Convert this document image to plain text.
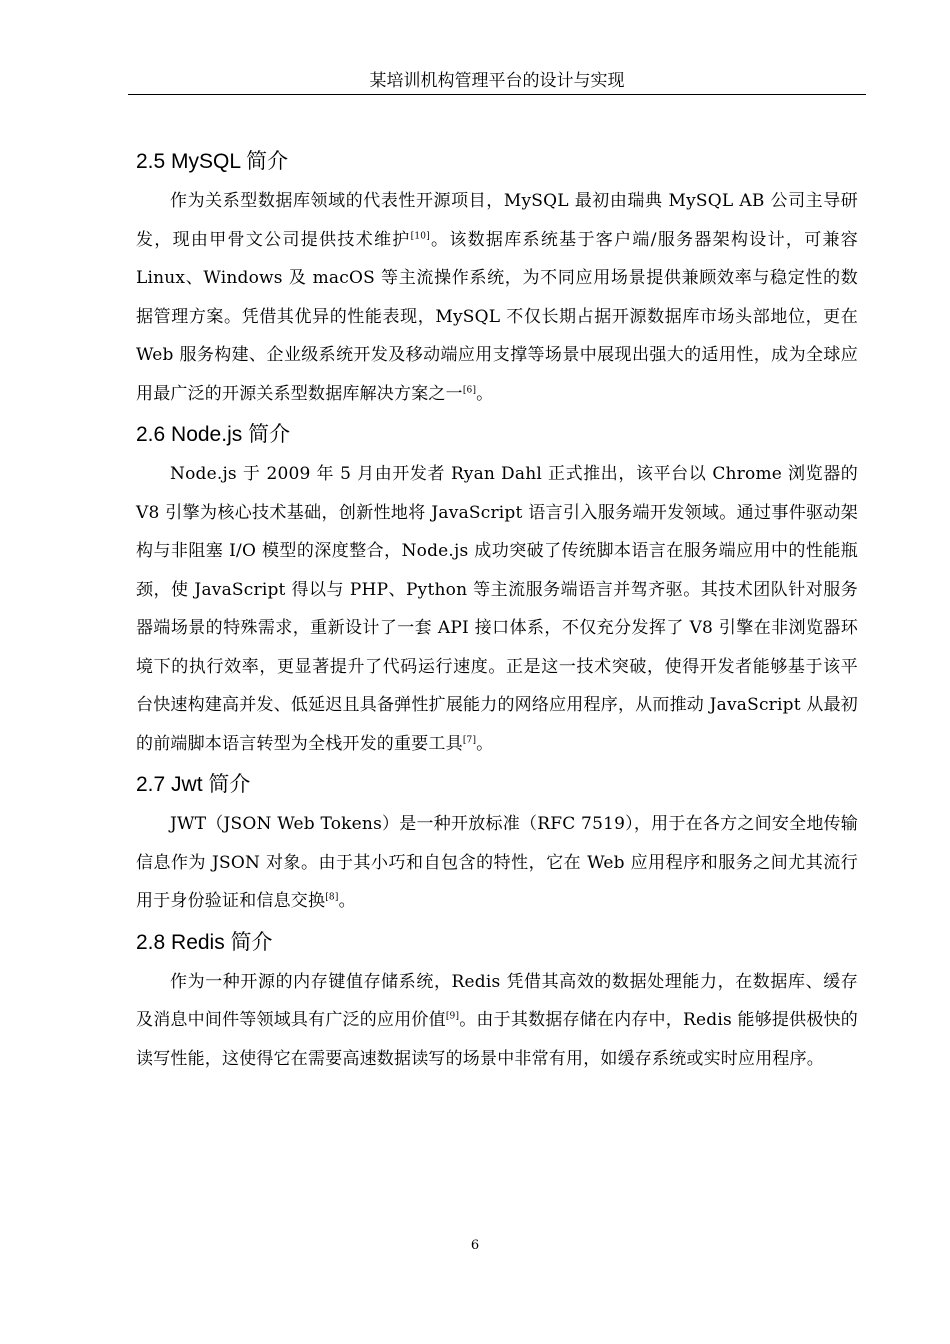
某培训机构管理平台的设计与实现
2.5 MySQL 简介

作为关系型数据库领域的代表性开源项目，MySQL 最初由瑞典 MySQL AB 公司主导研发，现由甲骨文公司提供技术维护[10]。该数据库系统基于客户端/服务器架构设计，可兼容 Linux、Windows 及 macOS 等主流操作系统，为不同应用场景提供兼顾效率与稳定性的数据管理方案。凭借其优异的性能表现，MySQL 不仅长期占据开源数据库市场头部地位，更在 Web 服务构建、企业级系统开发及移动端应用支撑等场景中展现出强大的适用性，成为全球应用最广泛的开源关系型数据库解决方案之一[6]。

2.6 Node.js 简介

Node.js 于 2009 年 5 月由开发者 Ryan Dahl 正式推出，该平台以 Chrome 浏览器的 V8 引擎为核心技术基础，创新性地将 JavaScript 语言引入服务端开发领域。通过事件驱动架构与非阻塞 I/O 模型的深度整合，Node.js 成功突破了传统脚本语言在服务端应用中的性能瓶颈，使 JavaScript 得以与 PHP、Python 等主流服务端语言并驾齐驱。其技术团队针对服务器端场景的特殊需求，重新设计了一套 API 接口体系，不仅充分发挥了 V8 引擎在非浏览器环境下的执行效率，更显著提升了代码运行速度。正是这一技术突破，使得开发者能够基于该平台快速构建高并发、低延迟且具备弹性扩展能力的网络应用程序，从而推动 JavaScript 从最初的前端脚本语言转型为全栈开发的重要工具[7]。

2.7 Jwt 简介

JWT（JSON Web Tokens）是一种开放标准（RFC 7519），用于在各方之间安全地传输信息作为 JSON 对象。由于其小巧和自包含的特性，它在 Web 应用程序和服务之间尤其流行用于身份验证和信息交换[8]。

2.8 Redis 简介

作为一种开源的内存键值存储系统，Redis 凭借其高效的数据处理能力，在数据库、缓存及消息中间件等领域具有广泛的应用价值[9]。由于其数据存储在内存中，Redis 能够提供极快的读写性能，这使得它在需要高速数据读写的场景中非常有用，如缓存系统或实时应用程序。

6
